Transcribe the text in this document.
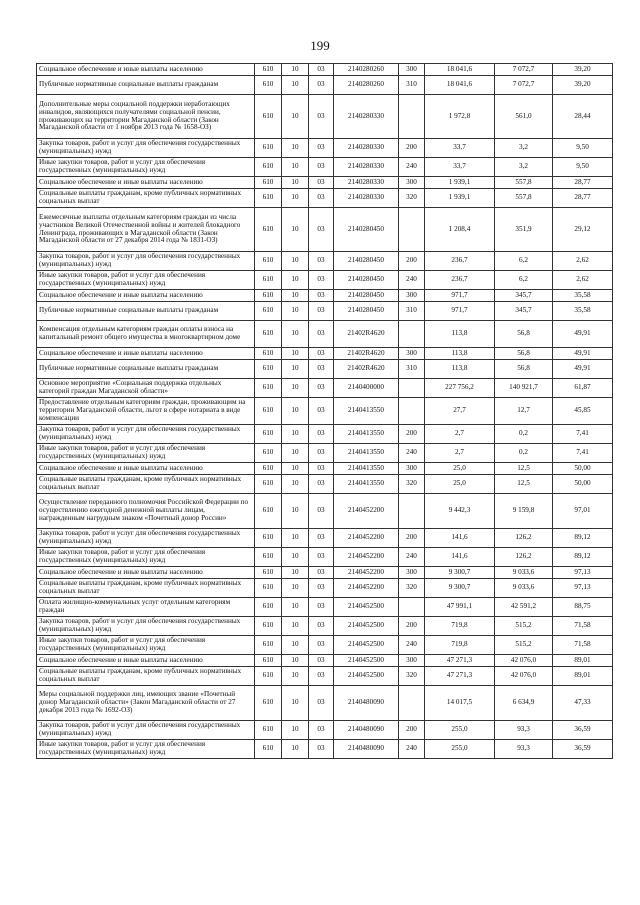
199
Социальное обеспечение и иные выплаты населению	610	10	03	2140280260	300	18 041,6	7 072,7	39,20
Публичные нормативные социальные выплаты гражданам	610	10	03	2140280260	310	18 041,6	7 072,7	39,20
Дополнительные меры социальной поддержки неработающих инвалидов, являющихся получателями социальной пенсии, проживающих на территории Магаданской области (Закон Магаданской области от 1 ноября 2013 года № 1658-ОЗ)	610	10	03	2140280330		1 972,8	561,0	28,44
Закупка товаров, работ и услуг для обеспечения государственных (муниципальных) нужд	610	10	03	2140280330	200	33,7	3,2	9,50
Иные закупки товаров, работ и услуг для обеспечения государственных (муниципальных) нужд	610	10	03	2140280330	240	33,7	3,2	9,50
Социальное обеспечение и иные выплаты населению	610	10	03	2140280330	300	1 939,1	557,8	28,77
Социальные выплаты гражданам, кроме публичных нормативных социальных выплат	610	10	03	2140280330	320	1 939,1	557,8	28,77
Ежемесячные выплаты отдельным категориям граждан из числа участников Великой Отечественной войны и жителей блокадного Ленинграда, проживающих в Магаданской области (Закон Магаданской области от 27 декабря 2014 года № 1831-ОЗ)	610	10	03	2140280450		1 208,4	351,9	29,12
Закупка товаров, работ и услуг для обеспечения государственных (муниципальных) нужд	610	10	03	2140280450	200	236,7	6,2	2,62
Иные закупки товаров, работ и услуг для обеспечения государственных (муниципальных) нужд	610	10	03	2140280450	240	236,7	6,2	2,62
Социальное обеспечение и иные выплаты населению	610	10	03	2140280450	300	971,7	345,7	35,58
Публичные нормативные социальные выплаты гражданам	610	10	03	2140280450	310	971,7	345,7	35,58
Компенсация отдельным категориям граждан оплаты взноса на капитальный ремонт общего имущества в многоквартирном доме	610	10	03	21402R4620		113,8	56,8	49,91
Социальное обеспечение и иные выплаты населению	610	10	03	21402R4620	300	113,8	56,8	49,91
Публичные нормативные социальные выплаты гражданам	610	10	03	21402R4620	310	113,8	56,8	49,91
Основное мероприятие «Социальная поддержка отдельных категорий граждан Магаданской области»	610	10	03	2140400000		227 756,2	140 921,7	61,87
Предоставление отдельным категориям граждан, проживающим на территории Магаданской области, льгот в сфере нотариата в виде компенсации	610	10	03	2140413550		27,7	12,7	45,85
Закупка товаров, работ и услуг для обеспечения государственных (муниципальных) нужд	610	10	03	2140413550	200	2,7	0,2	7,41
Иные закупки товаров, работ и услуг для обеспечения государственных (муниципальных) нужд	610	10	03	2140413550	240	2,7	0,2	7,41
Социальное обеспечение и иные выплаты населению	610	10	03	2140413550	300	25,0	12,5	50,00
Социальные выплаты гражданам, кроме публичных нормативных социальных выплат	610	10	03	2140413550	320	25,0	12,5	50,00
Осуществление переданного полномочия Российской Федерации по осуществлению ежегодной денежной выплаты лицам, награжденным нагрудным знаком «Почетный донор России»	610	10	03	2140452200		9 442,3	9 159,8	97,01
Закупка товаров, работ и услуг для обеспечения государственных (муниципальных) нужд	610	10	03	2140452200	200	141,6	126,2	89,12
Иные закупки товаров, работ и услуг для обеспечения государственных (муниципальных) нужд	610	10	03	2140452200	240	141,6	126,2	89,12
Социальное обеспечение и иные выплаты населению	610	10	03	2140452200	300	9 300,7	9 033,6	97,13
Социальные выплаты гражданам, кроме публичных нормативных социальных выплат	610	10	03	2140452200	320	9 300,7	9 033,6	97,13
Оплата жилищно-коммунальных услуг отдельным категориям граждан	610	10	03	2140452500		47 991,1	42 591,2	88,75
Закупка товаров, работ и услуг для обеспечения государственных (муниципальных) нужд	610	10	03	2140452500	200	719,8	515,2	71,58
Иные закупки товаров, работ и услуг для обеспечения государственных (муниципальных) нужд	610	10	03	2140452500	240	719,8	515,2	71,58
Социальное обеспечение и иные выплаты населению	610	10	03	2140452500	300	47 271,3	42 076,0	89,01
Социальные выплаты гражданам, кроме публичных нормативных социальных выплат	610	10	03	2140452500	320	47 271,3	42 076,0	89,01
Меры социальной поддержки лиц, имеющих звание «Почетный донор Магаданской области» (Закон Магаданской области от 27 декабря 2013 года № 1692-ОЗ)	610	10	03	2140480090		14 017,5	6 634,9	47,33
Закупка товаров, работ и услуг для обеспечения государственных (муниципальных) нужд	610	10	03	2140480090	200	255,0	93,3	36,59
Иные закупки товаров, работ и услуг для обеспечения государственных (муниципальных) нужд	610	10	03	2140480090	240	255,0	93,3	36,59
